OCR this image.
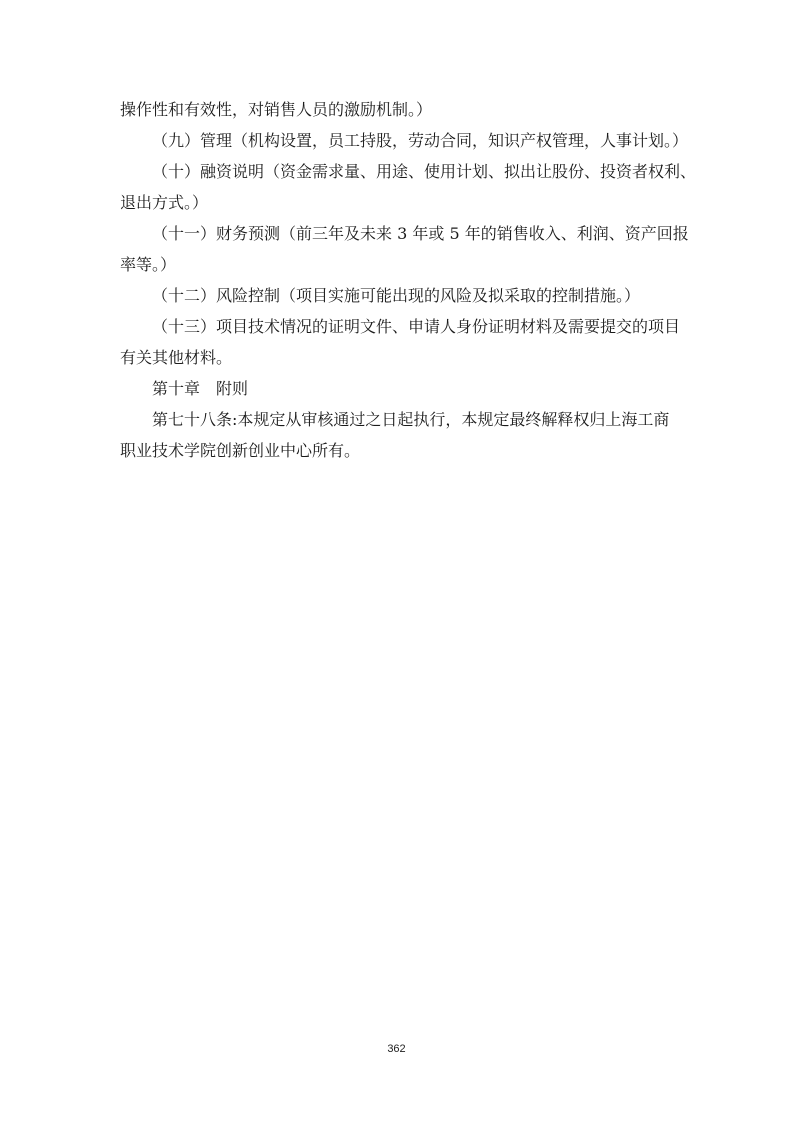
操作性和有效性，对销售人员的激励机制。）

（九）管理（机构设置，员工持股，劳动合同，知识产权管理，人事计划。）

（十）融资说明（资金需求量、用途、使用计划、拟出让股份、投资者权利、

退出方式。）

（十一）财务预测（前三年及未来 3 年或 5 年的销售收入、利润、资产回报

率等。）

（十二）风险控制（项目实施可能出现的风险及拟采取的控制措施。）

（十三）项目技术情况的证明文件、申请人身份证明材料及需要提交的项目

有关其他材料。

第十章　附则

第七十八条:本规定从审核通过之日起执行，本规定最终解释权归上海工商

职业技术学院创新创业中心所有。

362
